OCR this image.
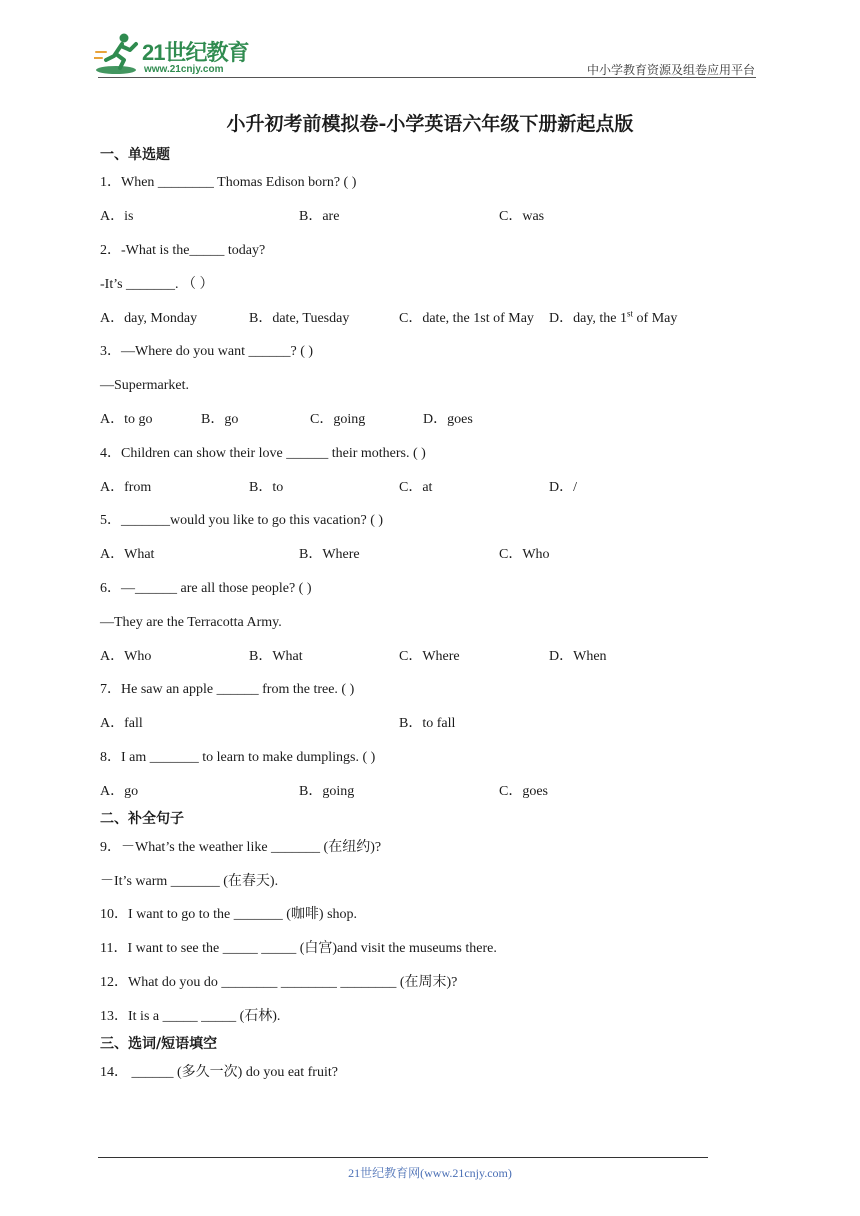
21世纪教育
www.21cnjy.com	中小学教育资源及组卷应用平台
小升初考前模拟卷-小学英语六年级下册新起点版
一、单选题
1．When ________ Thomas Edison born? ( )
A．is	B．are	C．was
2．-What is the_____ today?
-It’s _______. （ ）
A．day, Monday	B．date, Tuesday	C．date, the 1st of May D．day, the 1st of May
3．—Where do you want ______? ( )
—Supermarket.
A．to go	B．go	C．going	D．goes
4．Children can show their love ______ their mothers. ( )
A．from	B．to	C．at	D．/
5．_______would you like to go this vacation? ( )
A．What	B．Where	C．Who
6．—______ are all those people? ( )
—They are the Terracotta Army.
A．Who	B．What	C．Where	D．When
7．He saw an apple ______ from the tree. ( )
A．fall	B．to fall
8．I am _______ to learn to make dumplings. ( )
A．go	B．going	C．goes
二、补全句子
9．－What’s the weather like _______ (在纽约)?
－It’s warm _______ (在春天).
10．I want to go to the _______ (咖啡) shop.
11．I want to see the _____ _____ (白宫)and visit the museums there.
12．What do you do ________ ________ ________ (在周末)?
13．It is a _____ _____ (石林).
三、选词/短语填空
14． ______ (多久一次) do you eat fruit?
21世纪教育网(www.21cnjy.com)
